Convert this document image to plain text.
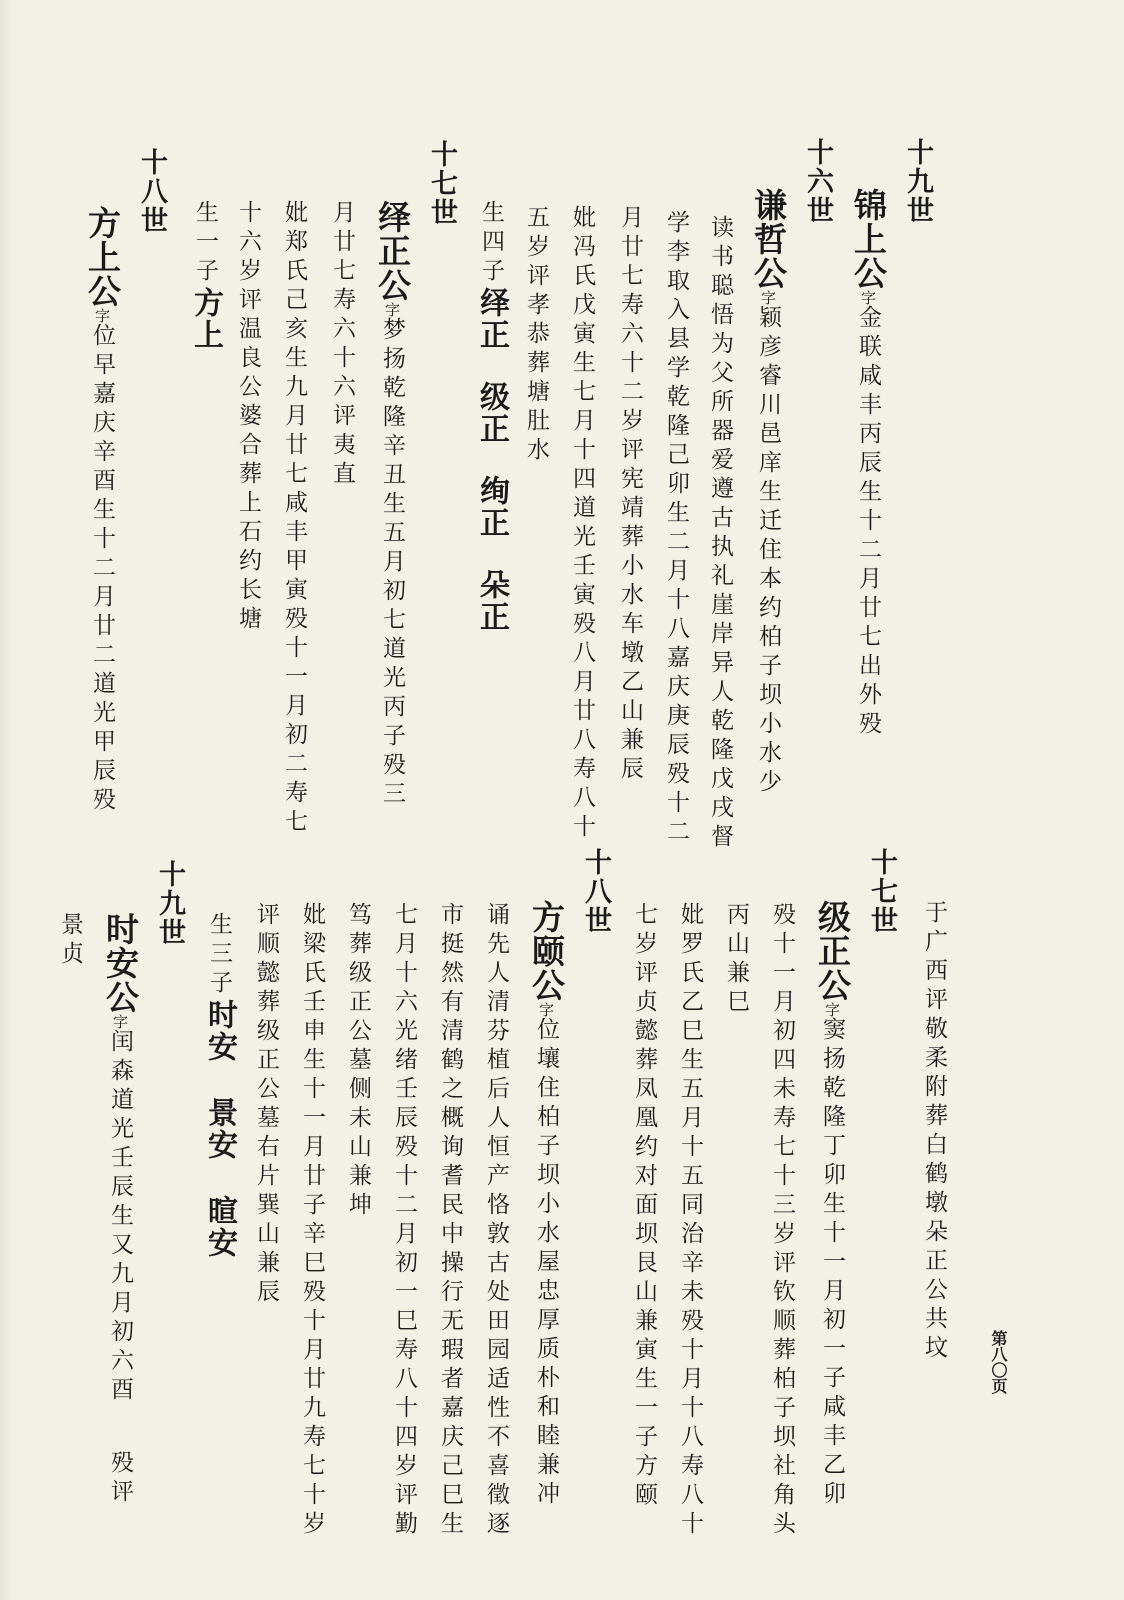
十九世
锦上公字金联咸丰丙辰生十二月廿七出外殁
十六世
谦哲公字颖彦睿川邑庠生迁住本约柏子坝小水少
读书聪悟为父所器爱遵古执礼崖岸异人乾隆戊戌督
学李取入县学乾隆己卯生二月十八嘉庆庚辰殁十二
月廿七寿六十二岁评宪靖葬小水车墩乙山兼辰
妣冯氏戊寅生七月十四道光壬寅殁八月廿八寿八十
五岁评孝恭葬塘肚水
生四子绎正级正绚正朵正
十七世
绎正公字梦扬乾隆辛丑生五月初七道光丙子殁三
月廿七寿六十六评夷直
妣郑氏己亥生九月廿七咸丰甲寅殁十一月初二寿七
十六岁评温良公婆合葬上石约长塘
生一子方上
十八世
方上公字位早嘉庆辛酉生十二月廿二道光甲辰殁
第八〇页
于广西评敬柔附葬白鹤墩朵正公共坟
十七世
级正公字窦扬乾隆丁卯生十一月初一子咸丰乙卯
殁十一月初四未寿七十三岁评钦顺葬柏子坝社角头
丙山兼巳
妣罗氏乙巳生五月十五同治辛未殁十月十八寿八十
七岁评贞懿葬凤凰约对面坝艮山兼寅生一子方颐
十八世
方颐公字位壤住柏子坝小水屋忠厚质朴和睦兼冲
诵先人清芬植后人恒产恪敦古处田园适性不喜徵逐
市挺然有清鹤之概询耆民中操行无瑕者嘉庆己巳生
七月十六光绪壬辰殁十二月初一巳寿八十四岁评勤
笃葬级正公墓侧未山兼坤
妣梁氏壬申生十一月廿子辛巳殁十月廿九寿七十岁
评顺懿葬级正公墓右片巽山兼辰
生三子时安景安暄安
十九世
时安公字闰森道光壬辰生又九月初六酉殁评
景贞
